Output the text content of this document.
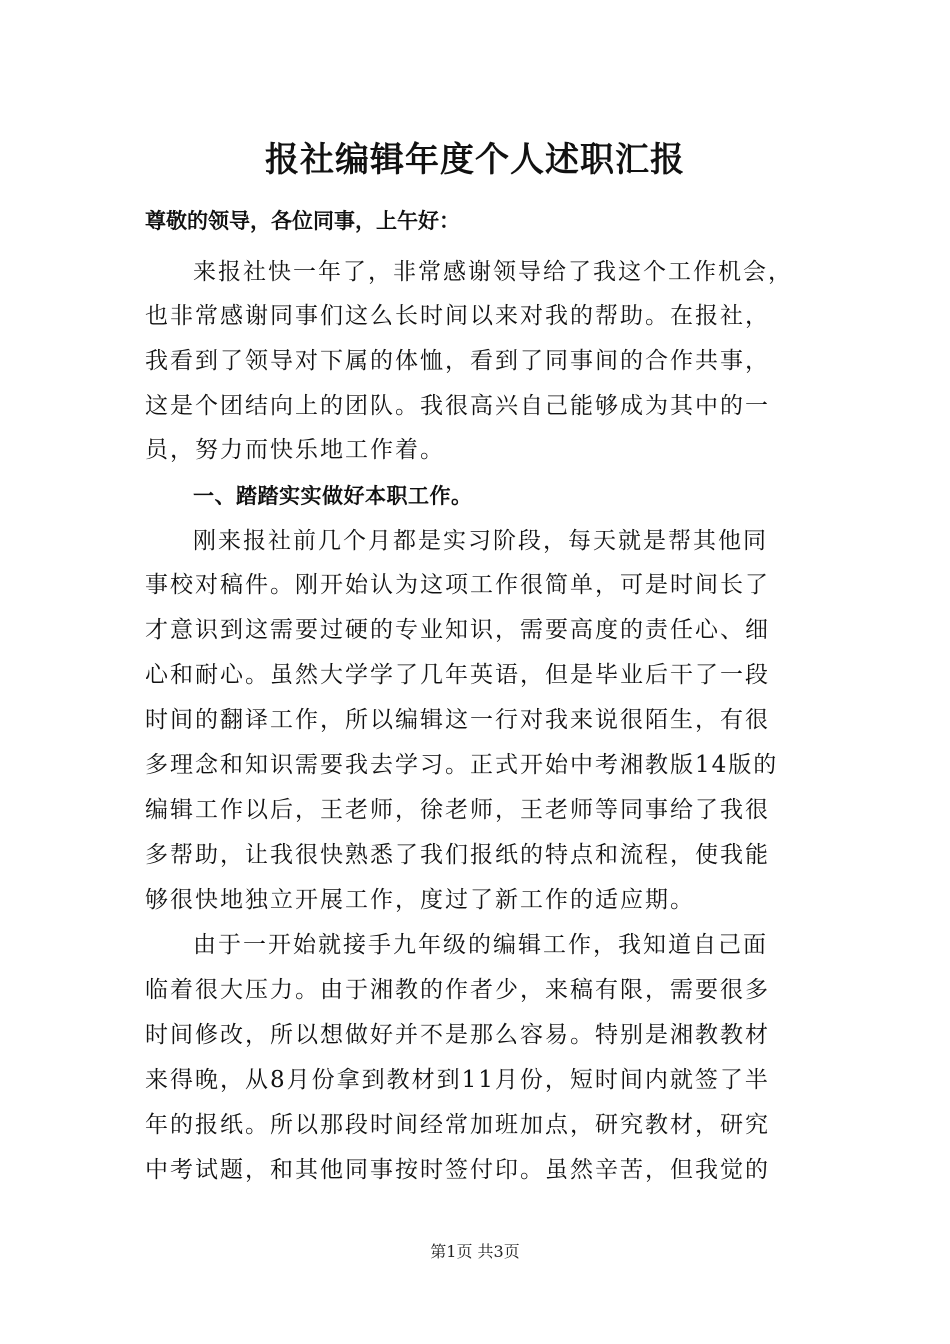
报社编辑年度个人述职汇报
尊敬的领导，各位同事，上午好：
来报社快一年了，非常感谢领导给了我这个工作机会，
也非常感谢同事们这么长时间以来对我的帮助。在报社，
我看到了领导对下属的体恤，看到了同事间的合作共事，
这是个团结向上的团队。我很高兴自己能够成为其中的一
员，努力而快乐地工作着。
一、踏踏实实做好本职工作。
刚来报社前几个月都是实习阶段，每天就是帮其他同
事校对稿件。刚开始认为这项工作很简单，可是时间长了
才意识到这需要过硬的专业知识，需要高度的责任心、细
心和耐心。虽然大学学了几年英语，但是毕业后干了一段
时间的翻译工作，所以编辑这一行对我来说很陌生，有很
多理念和知识需要我去学习。正式开始中考湘教版14版的
编辑工作以后，王老师，徐老师，王老师等同事给了我很
多帮助，让我很快熟悉了我们报纸的特点和流程，使我能
够很快地独立开展工作，度过了新工作的适应期。
由于一开始就接手九年级的编辑工作，我知道自己面
临着很大压力。由于湘教的作者少，来稿有限，需要很多
时间修改，所以想做好并不是那么容易。特别是湘教教材
来得晚，从8月份拿到教材到11月份，短时间内就签了半
年的报纸。所以那段时间经常加班加点，研究教材，研究
中考试题，和其他同事按时签付印。虽然辛苦，但我觉的
第1页 共3页
